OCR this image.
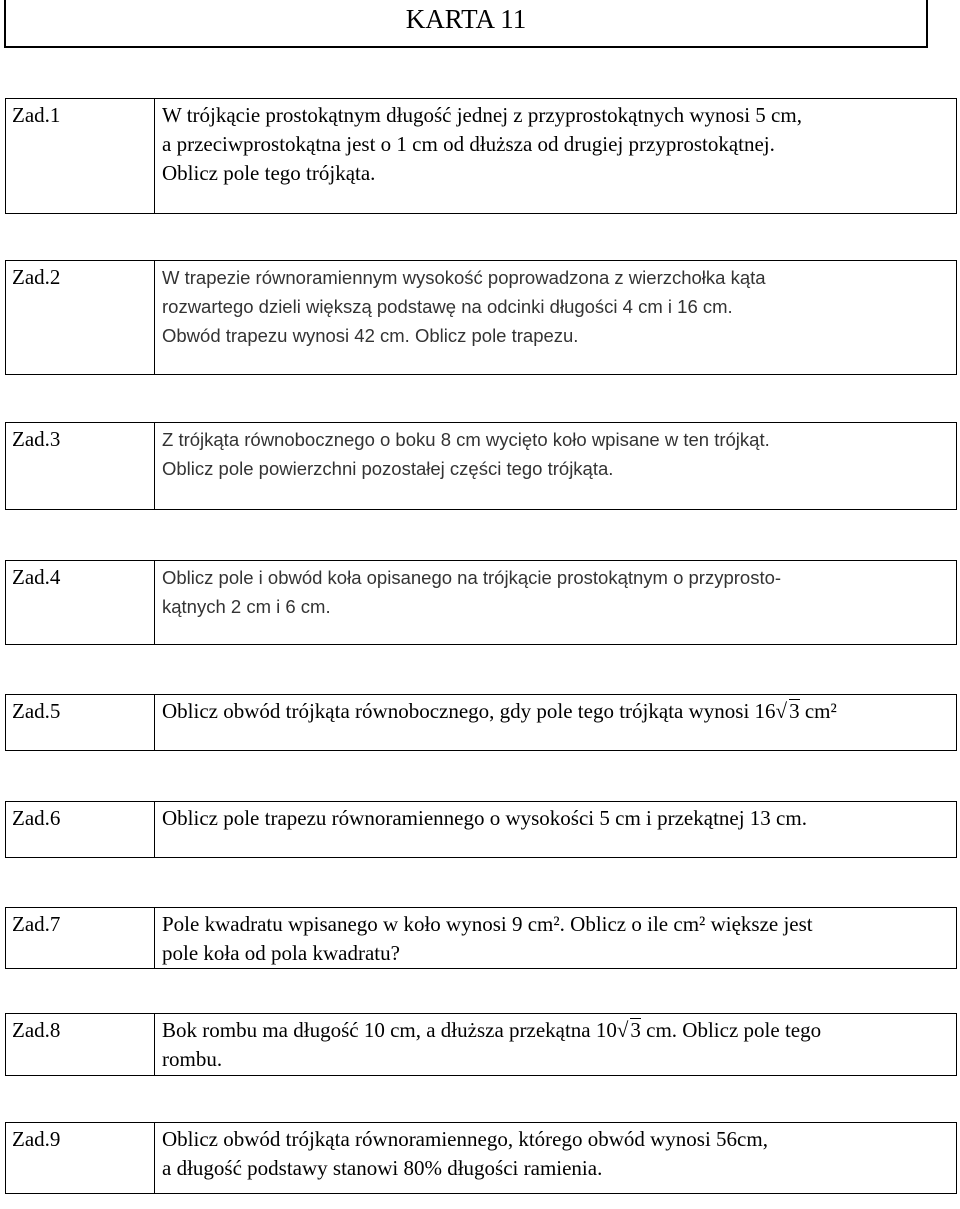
KARTA 11
Zad.1	W trójkącie prostokątnym długość jednej z przyprostokątnych wynosi 5 cm,
a przeciwprostokątna jest o 1 cm od dłuższa od drugiej przyprostokątnej.
Oblicz pole tego trójkąta.
Zad.2	W trapezie równoramiennym wysokość poprowadzona z wierzchołka kąta
rozwartego dzieli większą podstawę na odcinki długości 4 cm i 16 cm.
Obwód trapezu wynosi 42 cm. Oblicz pole trapezu.
Zad.3	Z trójkąta równobocznego o boku 8 cm wycięto koło wpisane w ten trójkąt.
Oblicz pole powierzchni pozostałej części tego trójkąta.
Zad.4	Oblicz pole i obwód koła opisanego na trójkącie prostokątnym o przyprosto-
kątnych 2 cm i 6 cm.
Zad.5	Oblicz obwód trójkąta równobocznego, gdy pole tego trójkąta wynosi 16√3 cm²
Zad.6	Oblicz pole trapezu równoramiennego o wysokości 5 cm i przekątnej 13 cm.
Zad.7	Pole kwadratu wpisanego w koło wynosi 9 cm². Oblicz o ile cm² większe jest
pole koła od pola kwadratu?
Zad.8	Bok rombu ma długość 10 cm, a dłuższa przekątna 10√3 cm. Oblicz pole tego
rombu.
Zad.9	Oblicz obwód trójkąta równoramiennego, którego obwód wynosi 56cm,
a długość podstawy stanowi 80% długości ramienia.
